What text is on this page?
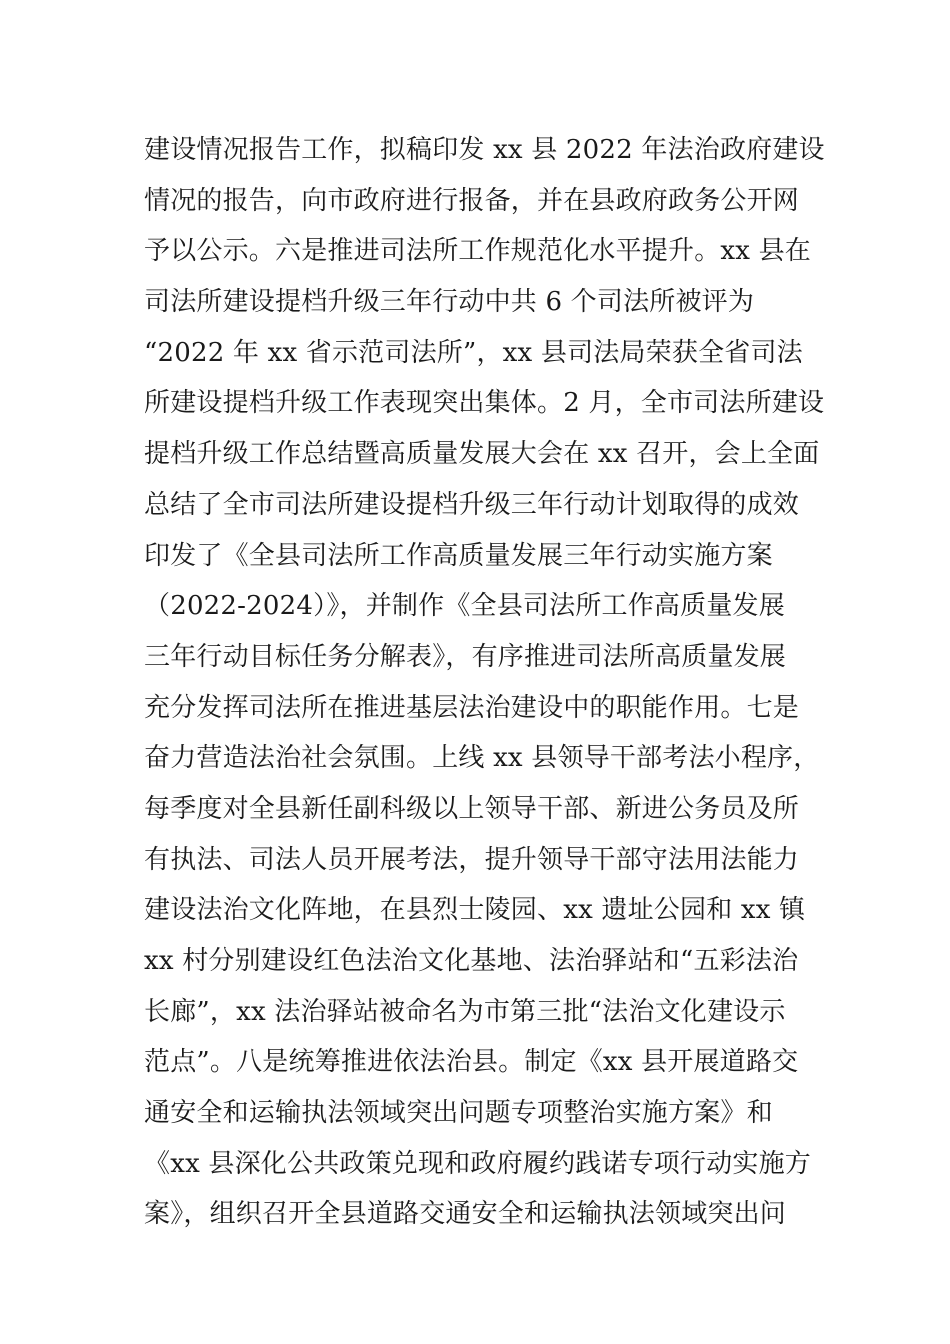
建设情况报告工作，拟稿印发 xx 县 2022 年法治政府建设
情况的报告，向市政府进行报备，并在县政府政务公开网
予以公示。六是推进司法所工作规范化水平提升。xx 县在
司法所建设提档升级三年行动中共 6 个司法所被评为
“2022 年 xx 省示范司法所”，xx 县司法局荣获全省司法
所建设提档升级工作表现突出集体。2 月，全市司法所建设
提档升级工作总结暨高质量发展大会在 xx 召开，会上全面
总结了全市司法所建设提档升级三年行动计划取得的成效
印发了《全县司法所工作高质量发展三年行动实施方案
（2022-2024）》，并制作《全县司法所工作高质量发展
三年行动目标任务分解表》，有序推进司法所高质量发展
充分发挥司法所在推进基层法治建设中的职能作用。七是
奋力营造法治社会氛围。上线 xx 县领导干部考法小程序，
每季度对全县新任副科级以上领导干部、新进公务员及所
有执法、司法人员开展考法，提升领导干部守法用法能力
建设法治文化阵地，在县烈士陵园、xx 遗址公园和 xx 镇
xx 村分别建设红色法治文化基地、法治驿站和“五彩法治
长廊”，xx 法治驿站被命名为市第三批“法治文化建设示
范点”。八是统筹推进依法治县。制定《xx 县开展道路交
通安全和运输执法领域突出问题专项整治实施方案》和
《xx 县深化公共政策兑现和政府履约践诺专项行动实施方
案》，组织召开全县道路交通安全和运输执法领域突出问
